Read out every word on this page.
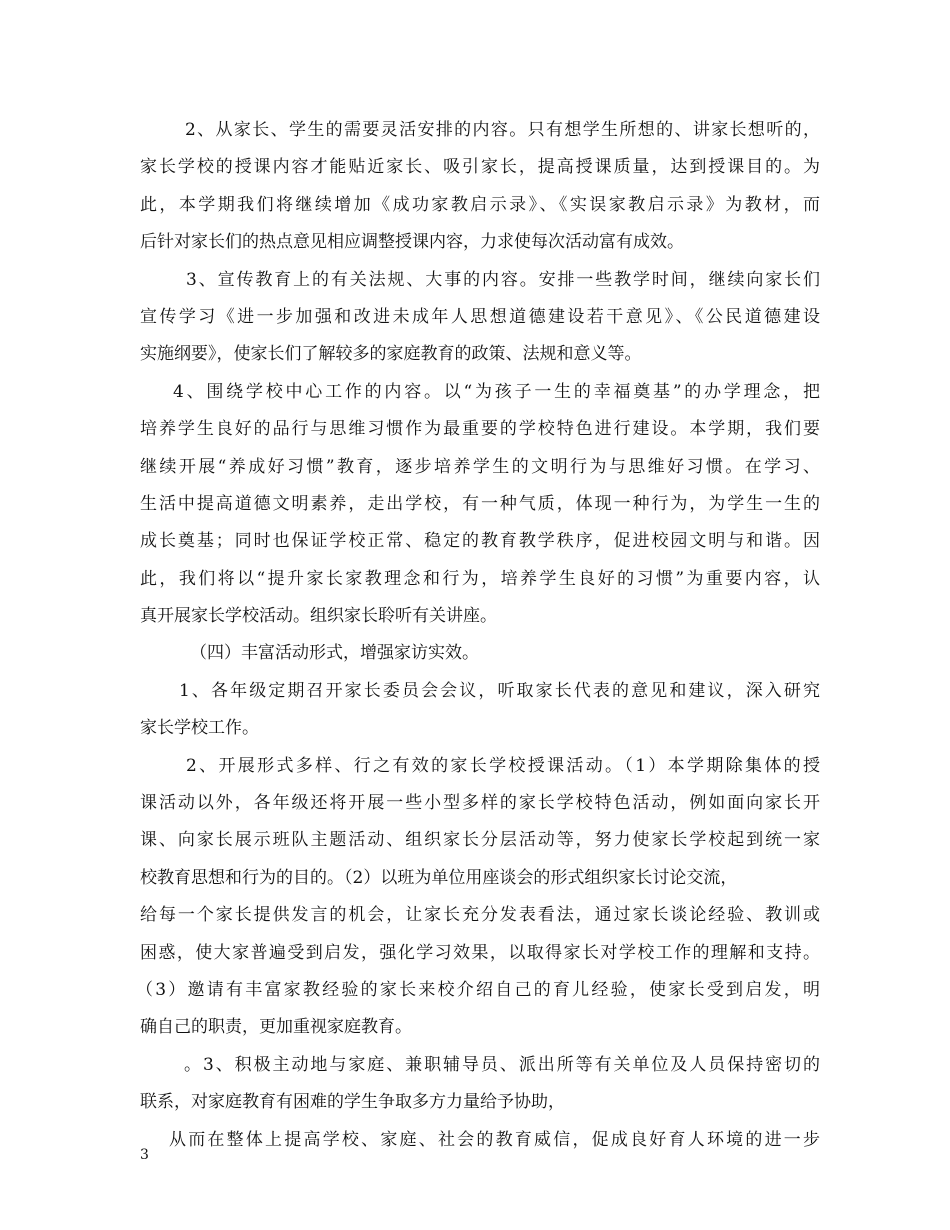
2、从家长、学生的需要灵活安排的内容。只有想学生所想的、讲家长想听的，
家长学校的授课内容才能贴近家长、吸引家长，提高授课质量，达到授课目的。为
此，本学期我们将继续增加《成功家教启示录》、《实误家教启示录》为教材，而
后针对家长们的热点意见相应调整授课内容，力求使每次活动富有成效。
3、宣传教育上的有关法规、大事的内容。安排一些教学时间，继续向家长们
宣传学习《进一步加强和改进未成年人思想道德建设若干意见》、《公民道德建设
实施纲要》，使家长们了解较多的家庭教育的政策、法规和意义等。
4、围绕学校中心工作的内容。以“为孩子一生的幸福奠基”的办学理念，把
培养学生良好的品行与思维习惯作为最重要的学校特色进行建设。本学期，我们要
继续开展“养成好习惯”教育，逐步培养学生的文明行为与思维好习惯。在学习、
生活中提高道德文明素养，走出学校，有一种气质，体现一种行为，为学生一生的
成长奠基；同时也保证学校正常、稳定的教育教学秩序，促进校园文明与和谐。因
此，我们将以“提升家长家教理念和行为，培养学生良好的习惯”为重要内容，认
真开展家长学校活动。组织家长聆听有关讲座。
（四）丰富活动形式，增强家访实效。
1、各年级定期召开家长委员会会议，听取家长代表的意见和建议，深入研究
家长学校工作。
2、开展形式多样、行之有效的家长学校授课活动。（1）本学期除集体的授
课活动以外，各年级还将开展一些小型多样的家长学校特色活动，例如面向家长开
课、向家长展示班队主题活动、组织家长分层活动等，努力使家长学校起到统一家
校教育思想和行为的目的。（2）以班为单位用座谈会的形式组织家长讨论交流，
给每一个家长提供发言的机会，让家长充分发表看法，通过家长谈论经验、教训或
困惑，使大家普遍受到启发，强化学习效果，以取得家长对学校工作的理解和支持。
（3）邀请有丰富家教经验的家长来校介绍自己的育儿经验，使家长受到启发，明
确自己的职责，更加重视家庭教育。
。3、积极主动地与家庭、兼职辅导员、派出所等有关单位及人员保持密切的
联系，对家庭教育有困难的学生争取多方力量给予协助，
从而在整体上提高学校、家庭、社会的教育威信，促成良好育人环境的进一步
3
